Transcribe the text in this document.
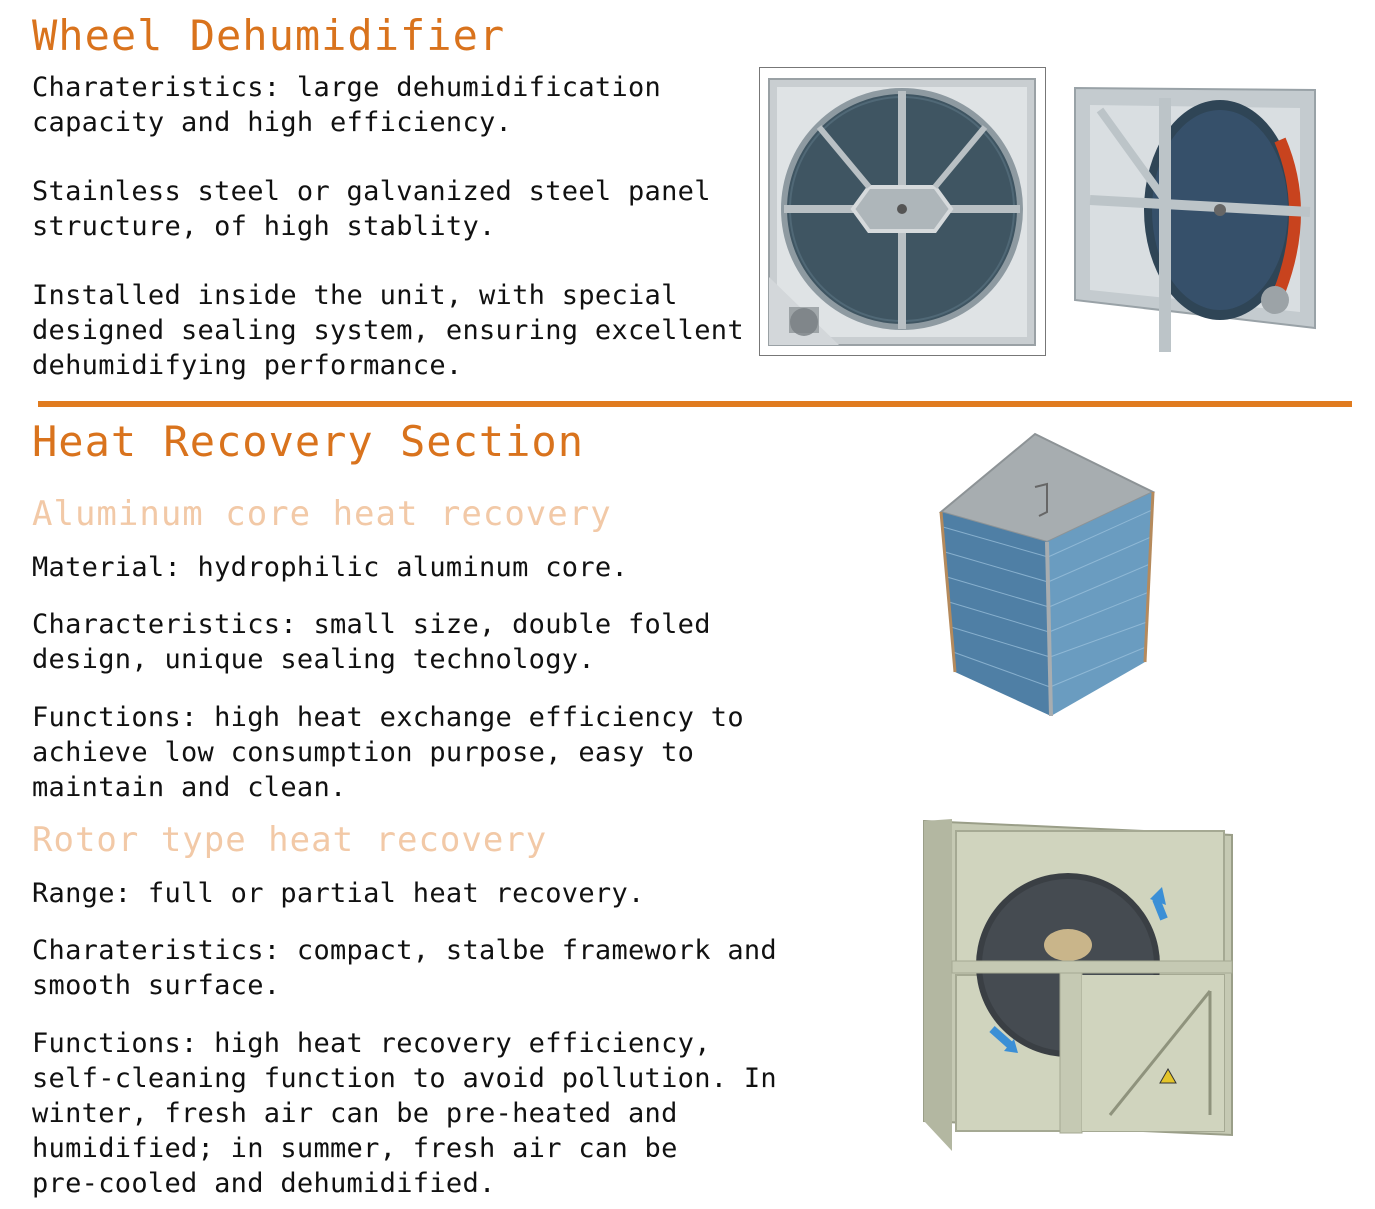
Wheel Dehumidifier

Charateristics: large dehumidification
capacity and high efficiency.

Stainless steel or galvanized steel panel
structure, of high stablity.

Installed inside the unit, with special
designed sealing system, ensuring excellent
dehumidifying performance.

Heat Recovery Section
Aluminum core heat recovery

Material: hydrophilic aluminum core.

Characteristics: small size, double foled
design, unique sealing technology.

Functions: high heat exchange efficiency to
achieve low consumption purpose, easy to
maintain and clean.

Rotor type heat recovery

Range: full or partial heat recovery.

Charateristics: compact, stalbe framework and
smooth surface.

Functions: high heat recovery efficiency,
self-cleaning function to avoid pollution. In
winter, fresh air can be pre-heated and
humidified; in summer, fresh air can be
pre-cooled and dehumidified.
